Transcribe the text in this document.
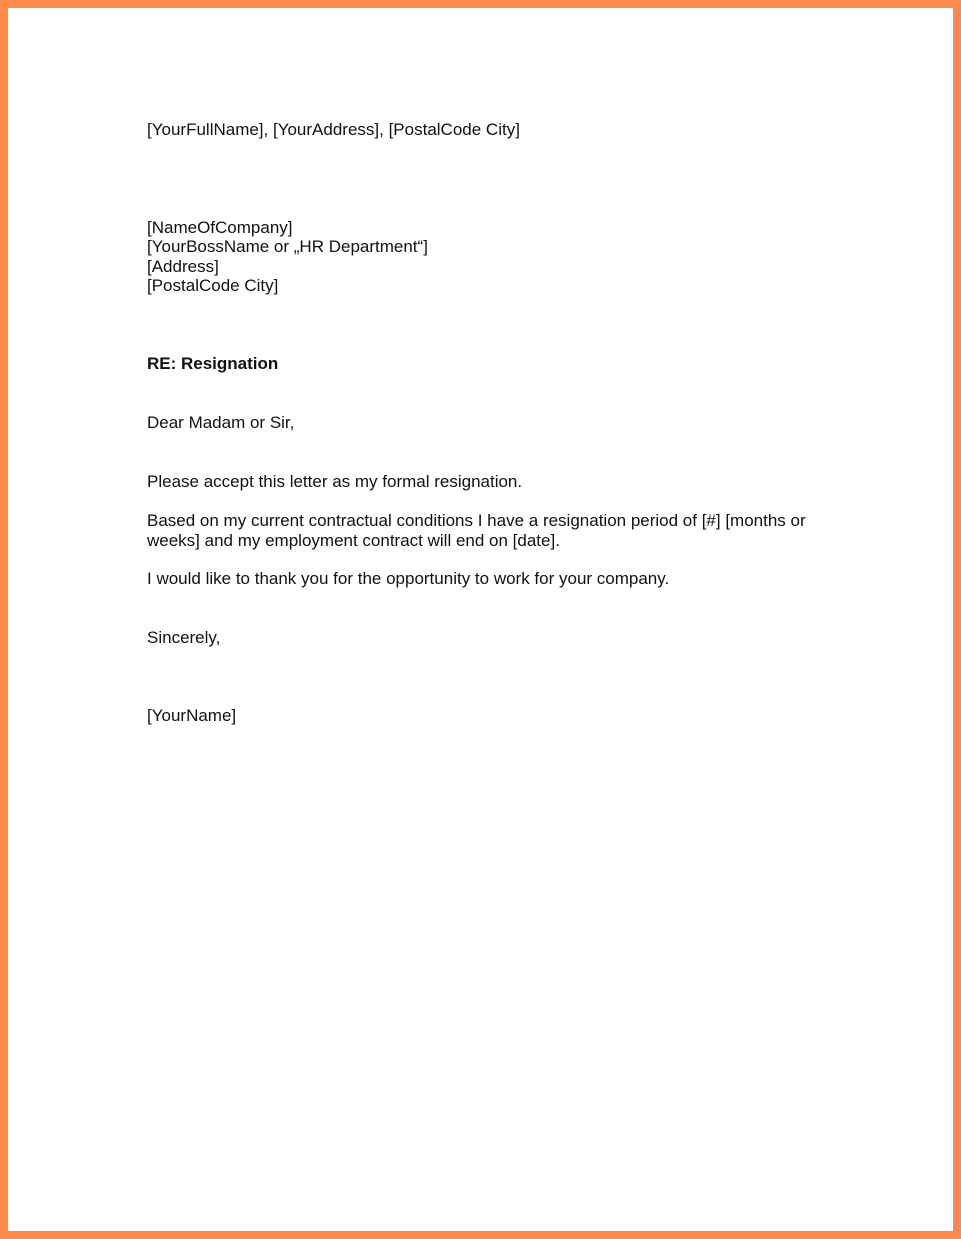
[YourFullName], [YourAddress], [PostalCode City]
[NameOfCompany]
[YourBossName or „HR Department“]
[Address]
[PostalCode City]
RE: Resignation
Dear Madam or Sir,
Please accept this letter as my formal resignation.
Based on my current contractual conditions I have a resignation period of [#] [months or
weeks] and my employment contract will end on [date].
I would like to thank you for the opportunity to work for your company.
Sincerely,
[YourName]
